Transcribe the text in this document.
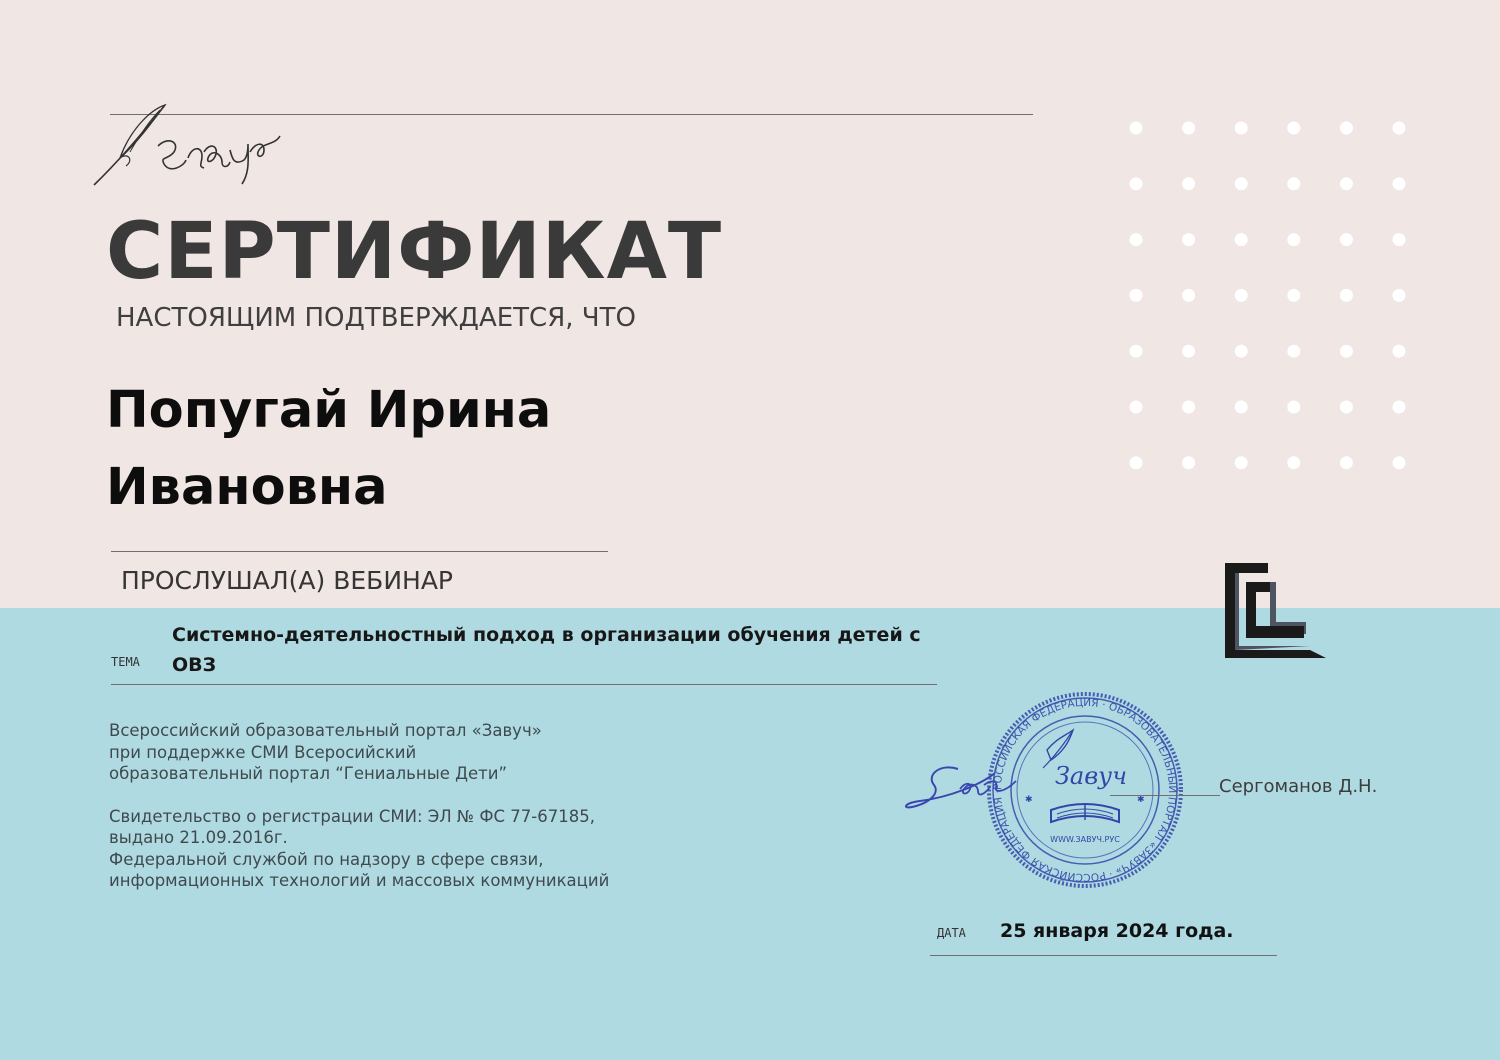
СЕРТИФИКАТ
НАСТОЯЩИМ ПОДТВЕРЖДАЕТСЯ, ЧТО
Попугай Ирина Ивановна
ПРОСЛУШАЛ(А) ВЕБИНАР
ТЕМА
Системно-деятельностный подход в организации обучения детей с ОВЗ
Всероссийский образовательный портал «Завуч»
при поддержке СМИ Всеросийский
образовательный портал “Гениальные Дети”
Свидетельство о регистрации СМИ: ЭЛ № ФС 77-67185,
выдано 21.09.2016г.
Федеральной службой по надзору в сфере связи,
информационных технологий и массовых коммуникаций
РОССИЙСКАЯ ФЕДЕРАЦИЯ · ОБРАЗОВАТЕЛЬНЫЙ ПОРТАЛ «ЗАВУЧ» · РОССИЙСКАЯ ФЕДЕРАЦИЯ ·
Завуч
WWW.ЗАВУЧ.РУС
✱	✱
Сергоманов Д.Н.
ДАТА 25 января 2024 года.
